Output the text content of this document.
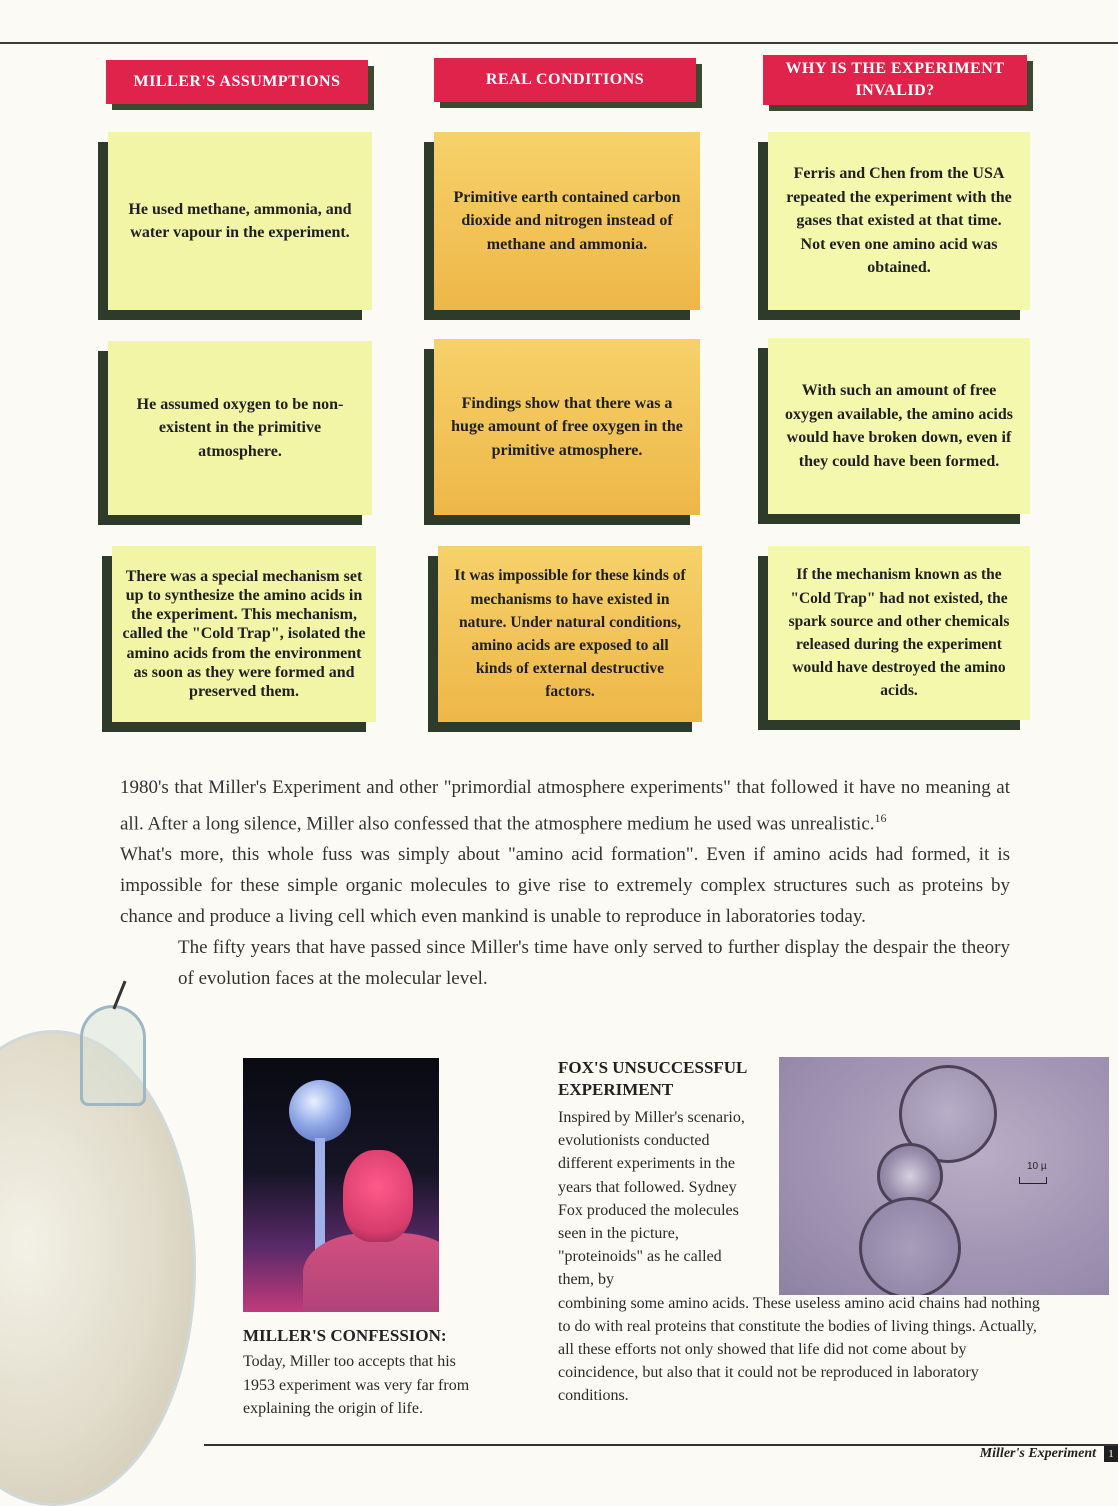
MILLER'S ASSUMPTIONS	REAL CONDITIONS
WHY IS THE EXPERIMENT INVALID?
He used methane, ammonia, and water vapour in the experiment.
Primitive earth contained carbon dioxide and nitrogen instead of methane and ammonia.
Ferris and Chen from the USA repeated the experiment with the gases that existed at that time. Not even one amino acid was obtained.
He assumed oxygen to be non-existent in the primitive atmosphere.
Findings show that there was a huge amount of free oxygen in the primitive atmosphere.
With such an amount of free oxygen available, the amino acids would have broken down, even if they could have been formed.
There was a special mechanism set up to synthesize the amino acids in the experiment. This mechanism, called the "Cold Trap", isolated the amino acids from the environment as soon as they were formed and preserved them.
It was impossible for these kinds of mechanisms to have existed in nature. Under natural conditions, amino acids are exposed to all kinds of external destructive factors.
If the mechanism known as the "Cold Trap" had not existed, the spark source and other chemicals released during the experiment would have destroyed the amino acids.

1980's that Miller's Experiment and other "primordial atmosphere experiments" that followed it have no meaning at all. After a long silence, Miller also confessed that the atmosphere medium he used was unrealistic.$^{16}$

What's more, this whole fuss was simply about "amino acid formation". Even if amino acids had formed, it is impossible for these simple organic molecules to give rise to extremely complex structures such as proteins by chance and produce a living cell which even mankind is unable to reproduce in laboratories today.

The fifty years that have passed since Miller's time have only served to further display the despair the theory of evolution faces at the molecular level.

MILLER'S CONFESSION:
Today, Miller too accepts that his 1953 experiment was very far from explaining the origin of life.
FOX'S UNSUCCESSFUL EXPERIMENT
Inspired by Miller's scenario, evolutionists conducted different experiments in the years that followed. Sydney Fox produced the molecules seen in the picture, "proteinoids" as he called them, by
combining some amino acids. These useless amino acid chains had nothing to do with real proteins that constitute the bodies of living things. Actually, all these efforts not only showed that life did not come about by coincidence, but also that it could not be reproduced in laboratory conditions.
10 µ
Miller's Experiment	1
